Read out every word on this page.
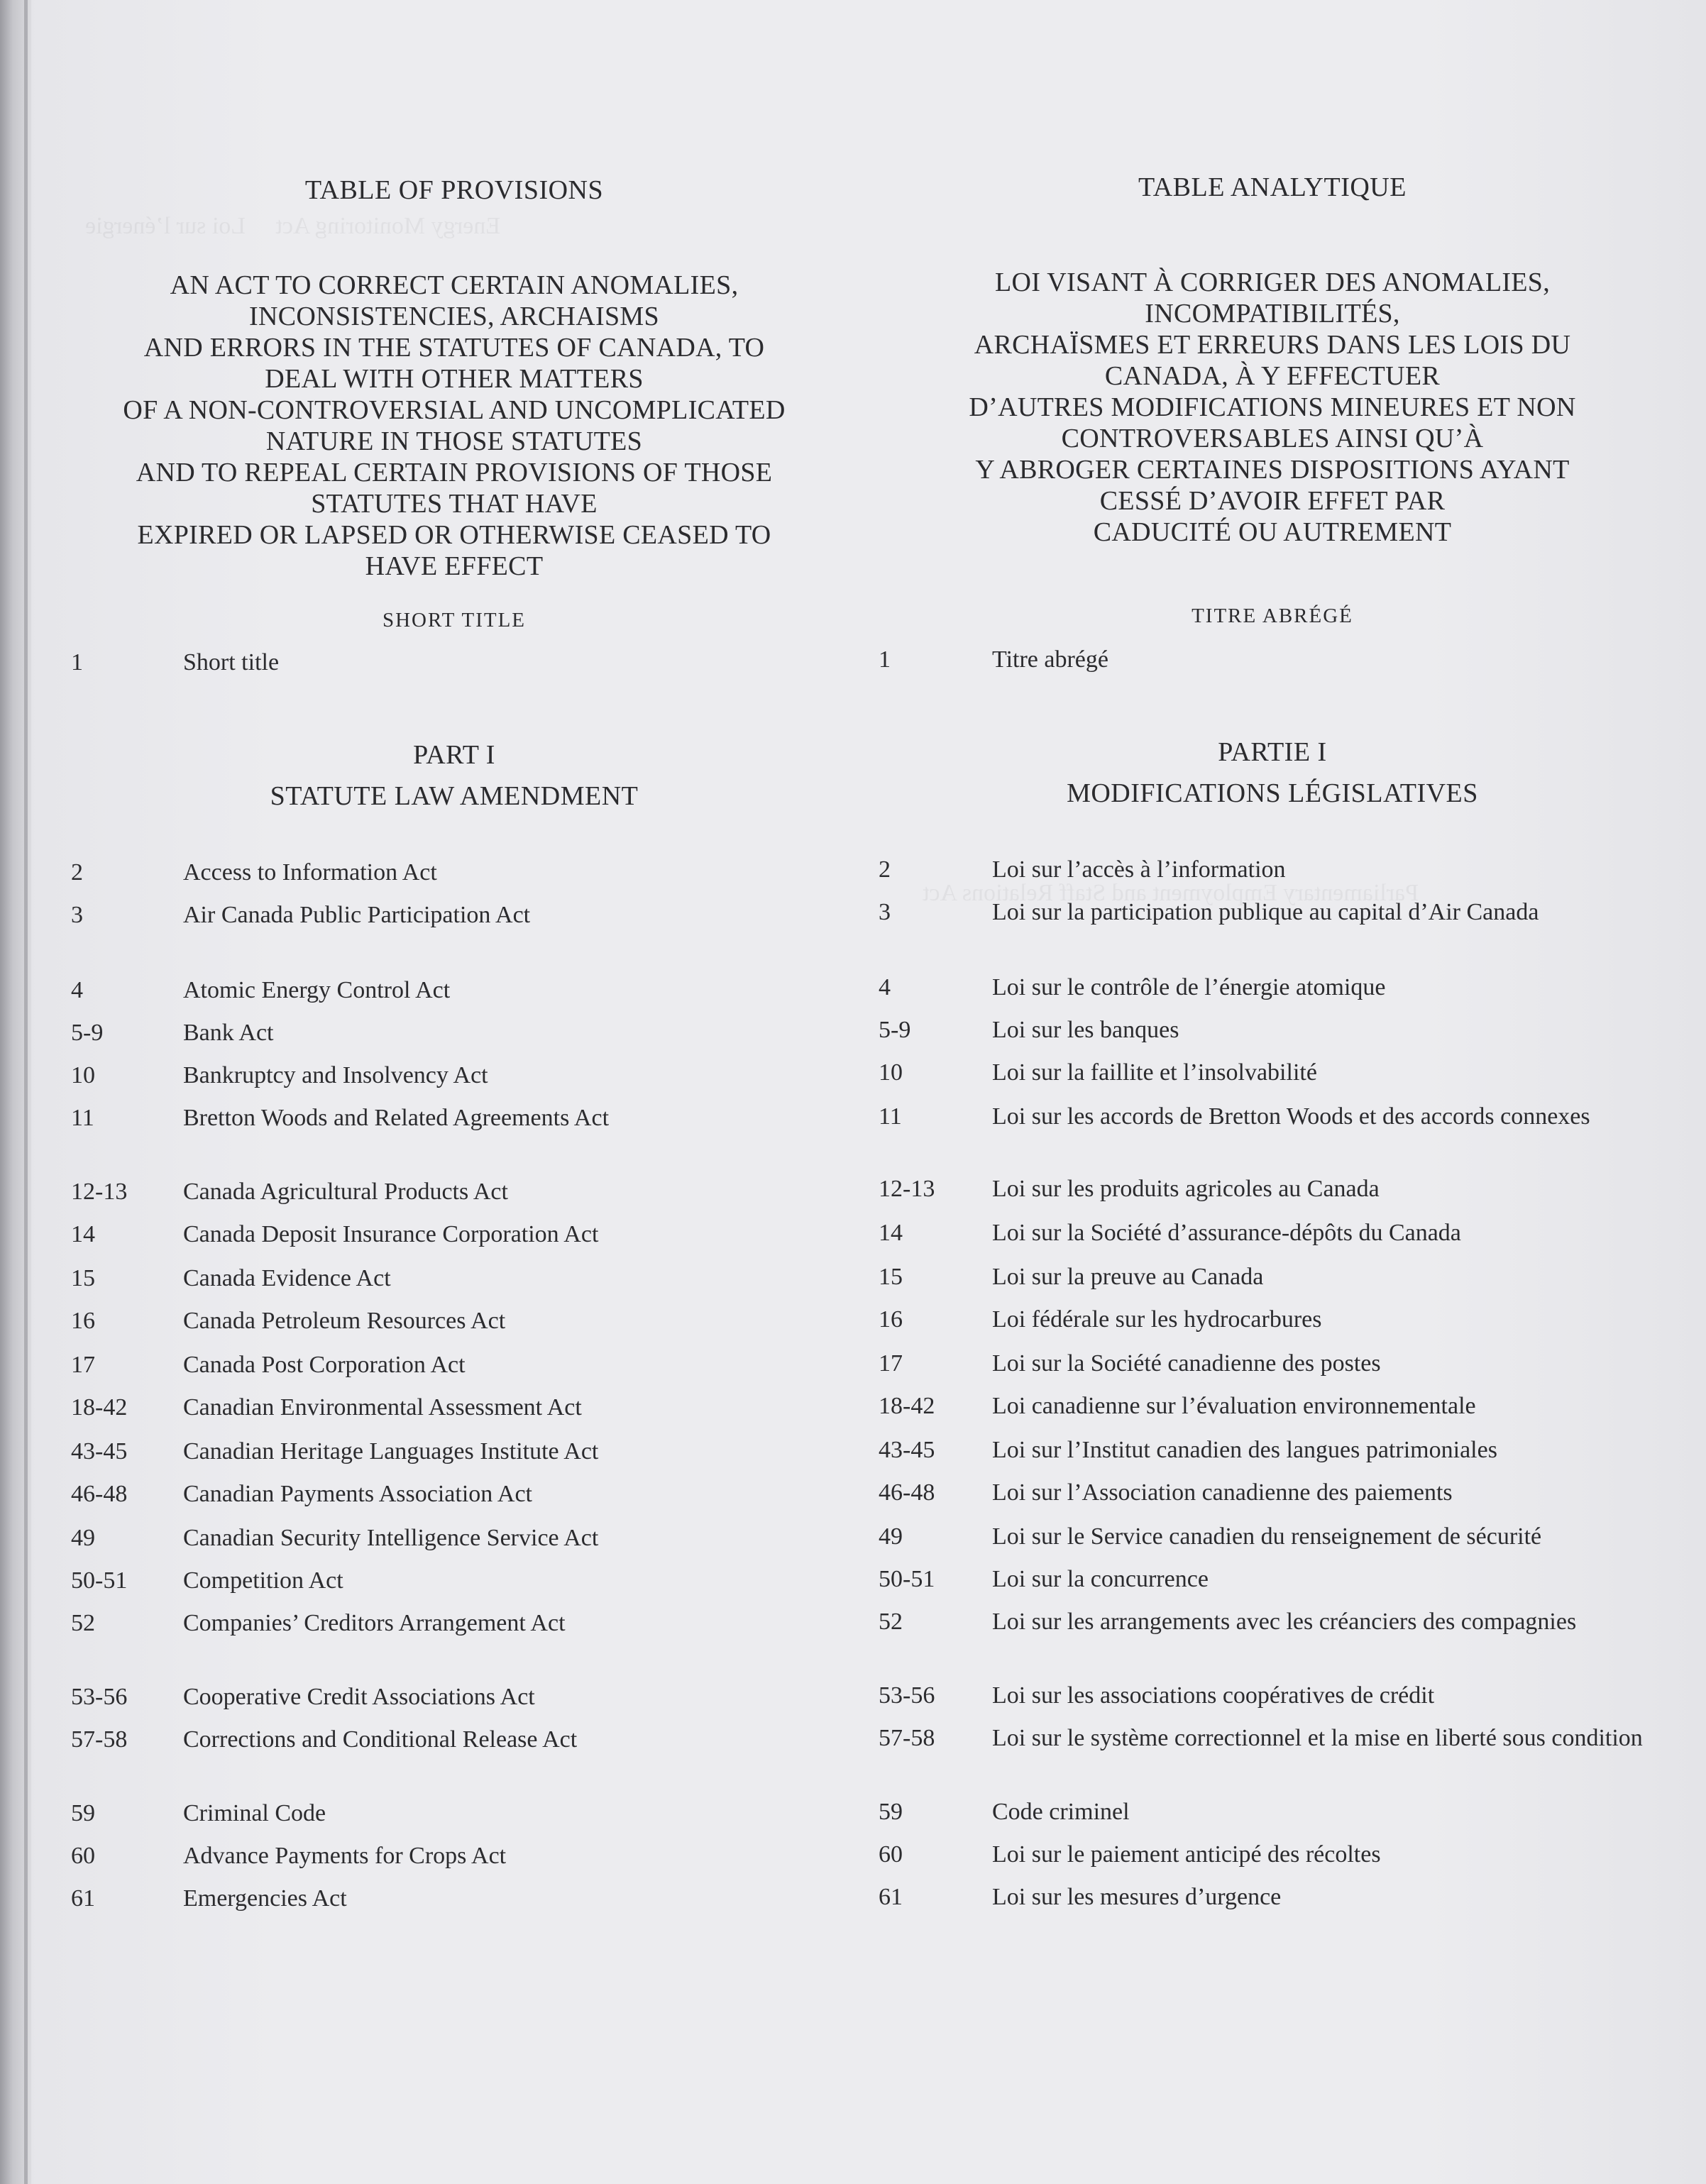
Energy Monitoring Act     Loi sur l’énergie
Parliamentary Employment and Staff Relations Act
TABLE OF PROVISIONS
AN ACT TO CORRECT CERTAIN ANOMALIES,
INCONSISTENCIES, ARCHAISMS
AND ERRORS IN THE STATUTES OF CANADA, TO
DEAL WITH OTHER MATTERS
OF A NON-CONTROVERSIAL AND UNCOMPLICATED
NATURE IN THOSE STATUTES
AND TO REPEAL CERTAIN PROVISIONS OF THOSE
STATUTES THAT HAVE
EXPIRED OR LAPSED OR OTHERWISE CEASED TO
HAVE EFFECT
SHORT TITLE
1	Short title
PART I
STATUTE LAW AMENDMENT
2	Access to Information Act
3	Air Canada Public Participation Act
4	Atomic Energy Control Act
5-9	Bank Act
10	Bankruptcy and Insolvency Act
11	Bretton Woods and Related Agreements Act
12-13 Canada Agricultural Products Act
14	Canada Deposit Insurance Corporation Act
15	Canada Evidence Act
16	Canada Petroleum Resources Act
17	Canada Post Corporation Act
18-42 Canadian Environmental Assessment Act
43-45 Canadian Heritage Languages Institute Act
46-48 Canadian Payments Association Act
49	Canadian Security Intelligence Service Act
50-51 Competition Act
52	Companies’ Creditors Arrangement Act
53-56 Cooperative Credit Associations Act
57-58 Corrections and Conditional Release Act
59	Criminal Code
60	Advance Payments for Crops Act
61	Emergencies Act
TABLE ANALYTIQUE
LOI VISANT À CORRIGER DES ANOMALIES,
INCOMPATIBILITÉS,
ARCHAÏSMES ET ERREURS DANS LES LOIS DU
CANADA, À Y EFFECTUER
D’AUTRES MODIFICATIONS MINEURES ET NON
CONTROVERSABLES AINSI QU’À
Y ABROGER CERTAINES DISPOSITIONS AYANT
CESSÉ D’AVOIR EFFET PAR
CADUCITÉ OU AUTREMENT
TITRE ABRÉGÉ
1	Titre abrégé
PARTIE I
MODIFICATIONS LÉGISLATIVES
2	Loi sur l’accès à l’information
3	Loi sur la participation publique au capital d’Air Canada
4	Loi sur le contrôle de l’énergie atomique
5-9	Loi sur les banques
10	Loi sur la faillite et l’insolvabilité
11	Loi sur les accords de Bretton Woods et des accords connexes
12-13 Loi sur les produits agricoles au Canada
14	Loi sur la Société d’assurance-dépôts du Canada
15	Loi sur la preuve au Canada
16	Loi fédérale sur les hydrocarbures
17	Loi sur la Société canadienne des postes
18-42 Loi canadienne sur l’évaluation environnementale
43-45 Loi sur l’Institut canadien des langues patrimoniales
46-48 Loi sur l’Association canadienne des paiements
49	Loi sur le Service canadien du renseignement de sécurité
50-51 Loi sur la concurrence
52	Loi sur les arrangements avec les créanciers des compagnies
53-56 Loi sur les associations coopératives de crédit
57-58 Loi sur le système correctionnel et la mise en liberté sous condition
59	Code criminel
60	Loi sur le paiement anticipé des récoltes
61	Loi sur les mesures d’urgence
